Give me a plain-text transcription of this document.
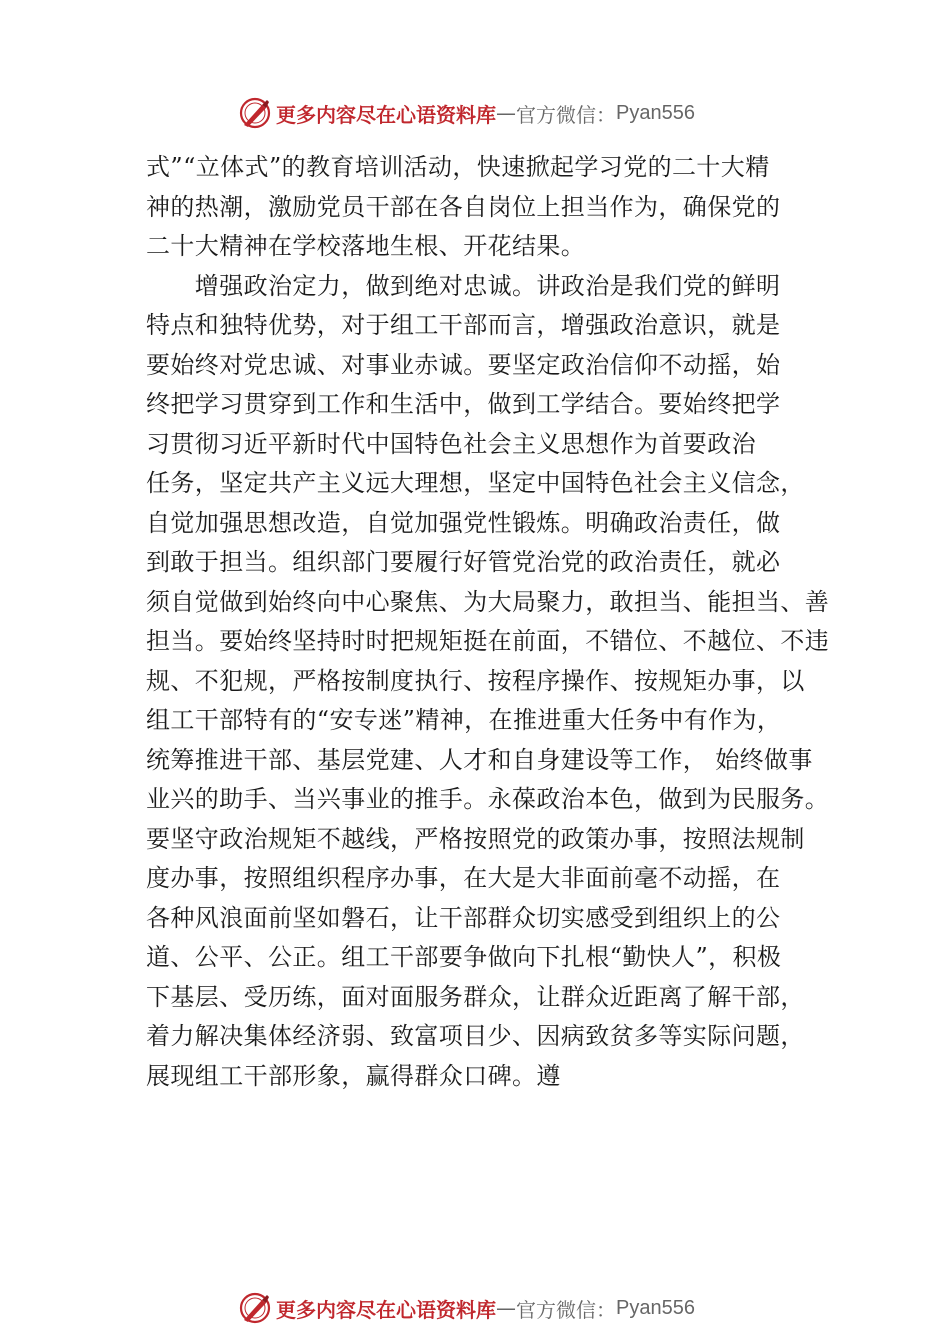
更多内容尽在心语资料库 — 官方微信： Pyan556
式”“立体式”的教育培训活动，快速掀起学习党的二十大精
神的热潮，激励党员干部在各自岗位上担当作为，确保党的
二十大精神在学校落地生根、开花结果。
　　增强政治定力，做到绝对忠诚。讲政治是我们党的鲜明
特点和独特优势，对于组工干部而言，增强政治意识，就是
要始终对党忠诚、对事业赤诚。要坚定政治信仰不动摇，始
终把学习贯穿到工作和生活中，做到工学结合。要始终把学
习贯彻习近平新时代中国特色社会主义思想作为首要政治
任务，坚定共产主义远大理想，坚定中国特色社会主义信念，
自觉加强思想改造，自觉加强党性锻炼。明确政治责任，做
到敢于担当。组织部门要履行好管党治党的政治责任，就必
须自觉做到始终向中心聚焦、为大局聚力，敢担当、能担当、善
担当。要始终坚持时时把规矩挺在前面，不错位、不越位、不违
规、不犯规，严格按制度执行、按程序操作、按规矩办事，以
组工干部特有的“安专迷”精神，在推进重大任务中有作为，
统筹推进干部、基层党建、人才和自身建设等工作， 始终做事
业兴的助手、当兴事业的推手。永葆政治本色，做到为民服务。
要坚守政治规矩不越线，严格按照党的政策办事，按照法规制
度办事，按照组织程序办事，在大是大非面前毫不动摇，在
各种风浪面前坚如磐石，让干部群众切实感受到组织上的公
道、公平、公正。组工干部要争做向下扎根“勤快人”，积极
下基层、受历练，面对面服务群众，让群众近距离了解干部，
着力解决集体经济弱、致富项目少、因病致贫多等实际问题，
展现组工干部形象，赢得群众口碑。遵
更多内容尽在心语资料库 — 官方微信： Pyan556
